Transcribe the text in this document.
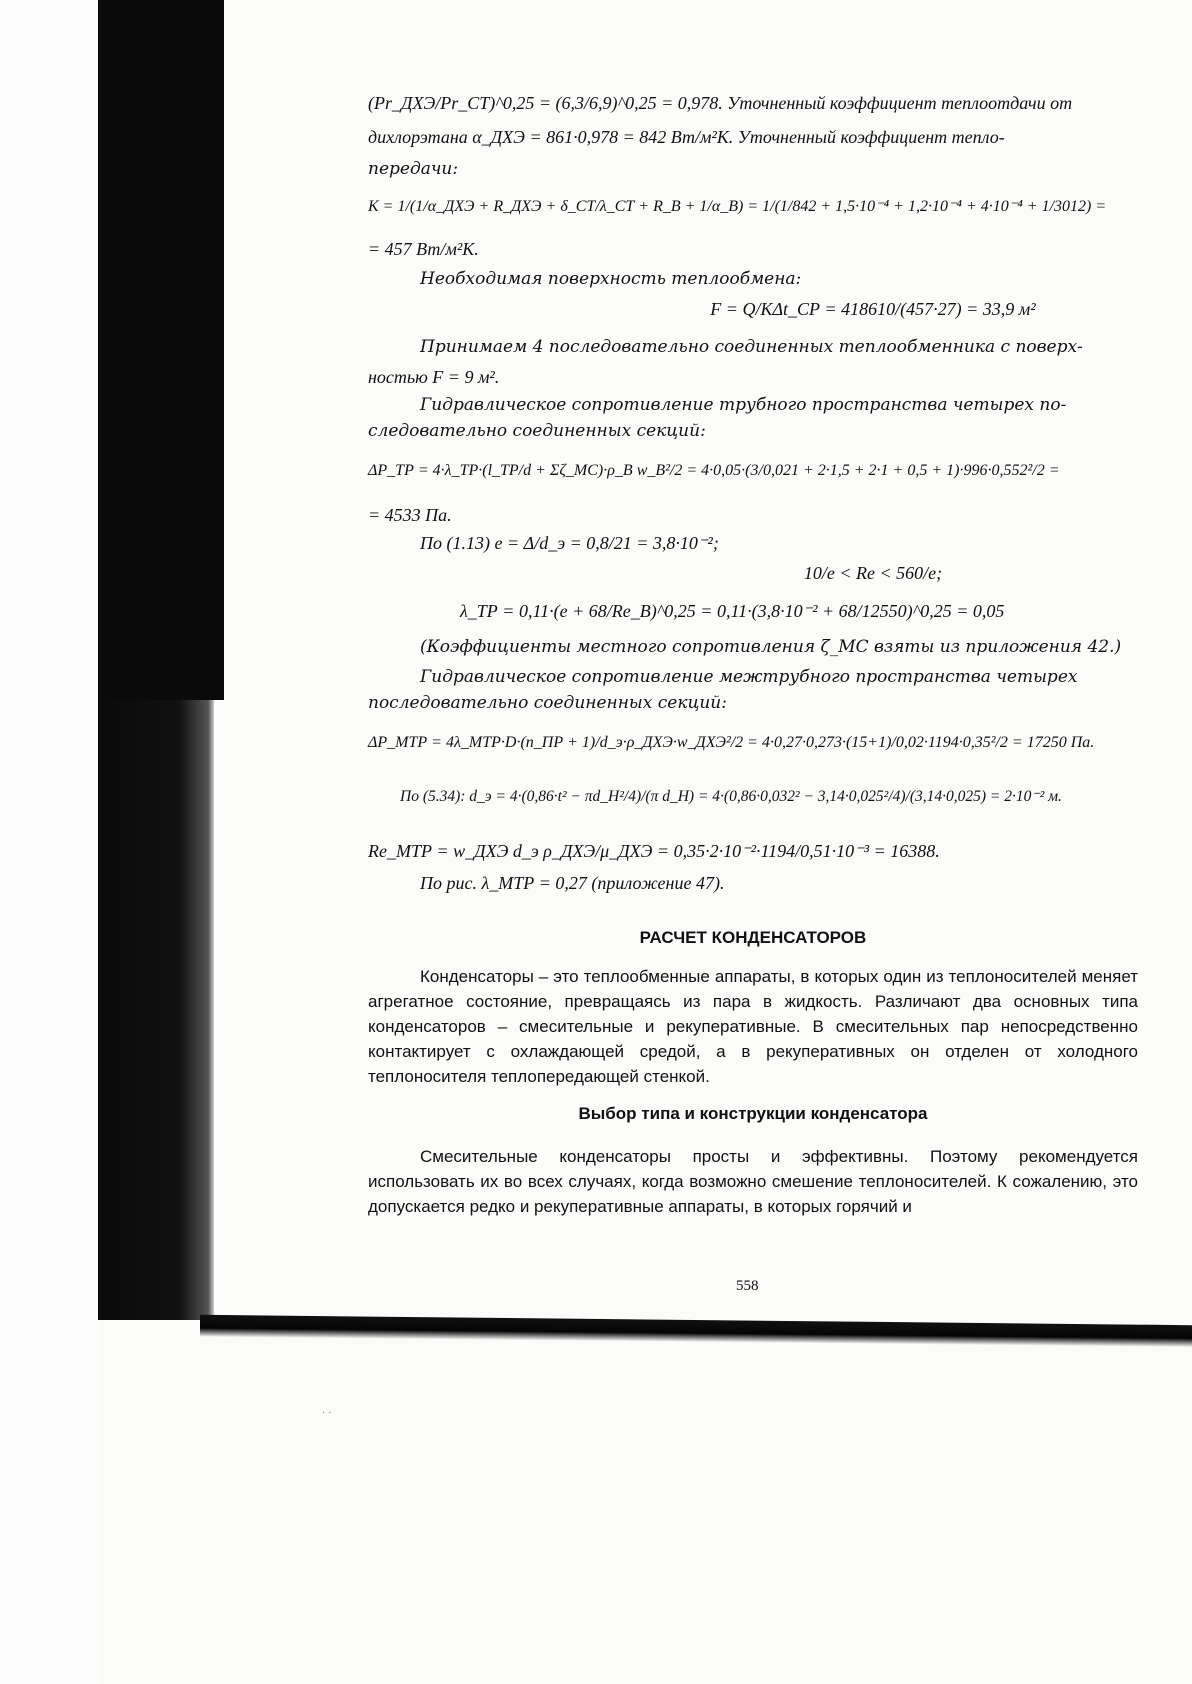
· ·
(Pr_ДХЭ/Pr_СТ)^0,25 = (6,3/6,9)^0,25 = 0,978. Уточненный коэффициент теплоотдачи от
дихлорэтана α_ДХЭ = 861·0,978 = 842 Вт/м²К. Уточненный коэффициент тепло-
передачи:
K = 1/(1/α_ДХЭ + R_ДХЭ + δ_СТ/λ_СТ + R_В + 1/α_В) = 1/(1/842 + 1,5·10⁻⁴ + 1,2·10⁻⁴ + 4·10⁻⁴ + 1/3012) =
= 457 Вт/м²К.
Необходимая поверхность теплообмена:
F = Q/KΔt_СР = 418610/(457·27) = 33,9 м²
Принимаем 4 последовательно соединенных теплообменника с поверх-
ностью F = 9 м².
Гидравлическое сопротивление трубного пространства четырех по-
следовательно соединенных секций:
ΔP_ТР = 4·λ_ТР·(l_ТР/d + Σζ_МС)·ρ_В w_В²/2 = 4·0,05·(3/0,021 + 2·1,5 + 2·1 + 0,5 + 1)·996·0,552²/2 =
= 4533 Па.
По (1.13) e = Δ/d_э = 0,8/21 = 3,8·10⁻²;
10/e < Re < 560/e;
λ_ТР = 0,11·(e + 68/Re_В)^0,25 = 0,11·(3,8·10⁻² + 68/12550)^0,25 = 0,05
(Коэффициенты местного сопротивления ζ_МС взяты из приложения 42.)
Гидравлическое сопротивление межтрубного пространства четырех
последовательно соединенных секций:
ΔP_МТР = 4λ_МТР·D·(n_ПР + 1)/d_э·ρ_ДХЭ·w_ДХЭ²/2 = 4·0,27·0,273·(15+1)/0,02·1194·0,35²/2 = 17250 Па.
По (5.34): d_э = 4·(0,86·t² − πd_Н²/4)/(π d_Н) = 4·(0,86·0,032² − 3,14·0,025²/4)/(3,14·0,025) = 2·10⁻² м.
Re_МТР = w_ДХЭ d_э ρ_ДХЭ/μ_ДХЭ = 0,35·2·10⁻²·1194/0,51·10⁻³ = 16388.
По рис. λ_МТР = 0,27 (приложение 47).
РАСЧЕТ КОНДЕНСАТОРОВ
Конденсаторы – это теплообменные аппараты, в которых один из теплоносителей меняет агрегатное состояние, превращаясь из пара в жидкость. Различают два основных типа конденсаторов – смесительные и рекуперативные. В смесительных пар непосредственно контактирует с охлаждающей средой, а в рекуперативных он отделен от холодного теплоносителя теплопередающей стенкой.
Выбор типа и конструкции конденсатора
Смесительные конденсаторы просты и эффективны. Поэтому рекомендуется использовать их во всех случаях, когда возможно смешение теплоносителей. К сожалению, это допускается редко и рекуперативные аппараты, в которых горячий и
558
